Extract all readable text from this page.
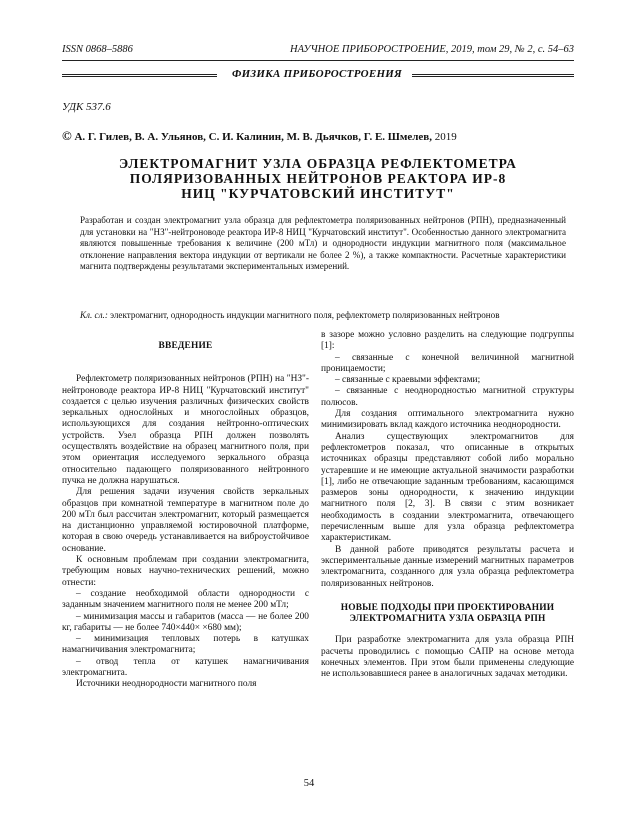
ISSN 0868–5886	НАУЧНОЕ ПРИБОРОСТРОЕНИЕ, 2019, том 29, № 2, c. 54–63
ФИЗИКА ПРИБОРОСТРОЕНИЯ
УДК 537.6
© А. Г. Гилев, В. А. Ульянов, С. И. Калинин, М. В. Дьячков, Г. Е. Шмелев, 2019
ЭЛЕКТРОМАГНИТ УЗЛА ОБРАЗЦА РЕФЛЕКТОМЕТРА
ПОЛЯРИЗОВАННЫХ НЕЙТРОНОВ РЕАКТОРА ИР-8
НИЦ "КУРЧАТОВСКИЙ ИНСТИТУТ"
Разработан и создан электромагнит узла образца для рефлектометра поляризованных нейтронов (РПН), предназначенный для установки на "НЗ"-нейтроноводе реактора ИР-8 НИЦ "Курчатовский институт". Особенностью данного электромагнита являются повышенные требования к величине (200 мТл) и однородности индукции магнитного поля (максимальное отклонение направления вектора индукции от вертикали не более 2 %), а также компактности. Расчетные характеристики магнита подтверждены результатами экспериментальных измерений.
Кл. сл.: электромагнит, однородность индукции магнитного поля, рефлектометр поляризованных нейтронов
ВВЕДЕНИЕ

Рефлектометр поляризованных нейтронов (РПН) на "НЗ"-нейтроноводе реактора ИР-8 НИЦ "Курчатовский институт" создается с целью изучения различных физических свойств зеркальных однослойных и многослойных образцов, использующихся для создания нейтронно-оптических устройств. Узел образца РПН должен позволять осуществлять воздействие на образец магнитного поля, при этом ориентация исследуемого зеркального образца относительно падающего поляризованного нейтронного пучка не должна нарушаться.

Для решения задачи изучения свойств зеркальных образцов при комнатной температуре в магнитном поле до 200 мТл был рассчитан электромагнит, который размещается на дистанционно управляемой юстировочной платформе, которая в свою очередь устанавливается на виброустойчивое основание.

К основным проблемам при создании электромагнита, требующим новых научно-технических решений, можно отнести:

– создание необходимой области однородности с заданным значением магнитного поля не менее 200 мТл;

– минимизация массы и габаритов (масса — не более 200 кг, габариты — не более 740×440× ×680 мм);

– минимизация тепловых потерь в катушках намагничивания электромагнита;

– отвод тепла от катушек намагничивания электромагнита.

Источники неоднородности магнитного поля

в зазоре можно условно разделить на следующие подгруппы [1]:

– связанные с конечной величинной магнитной проницаемости;

– связанные с краевыми эффектами;

– связанные с неоднородностью магнитной структуры полюсов.

Для создания оптимального электромагнита нужно минимизировать вклад каждого источника неоднородности.

Анализ существующих электромагнитов для рефлектометров показал, что описанные в открытых источниках образцы представляют собой либо морально устаревшие и не имеющие актуальной значимости разработки [1], либо не отвечающие заданным требованиям, касающимся размеров зоны однородности, к значению индукции магнитного поля [2, 3]. В связи с этим возникает необходимость в создании электромагнита, отвечающего перечисленным выше для узла образца рефлектометра характеристикам.

В данной работе приводятся результаты расчета и экспериментальные данные измерений магнитных параметров электромагнита, созданного для узла образца рефлектометра поляризованных нейтронов.

НОВЫЕ ПОДХОДЫ ПРИ ПРОЕКТИРОВАНИИ ЭЛЕКТРОМАГНИТА УЗЛА ОБРАЗЦА РПН

При разработке электромагнита для узла образца РПН расчеты проводились с помощью САПР на основе метода конечных элементов. При этом были применены следующие не использовавшиеся ранее в аналогичных задачах методики.

54
